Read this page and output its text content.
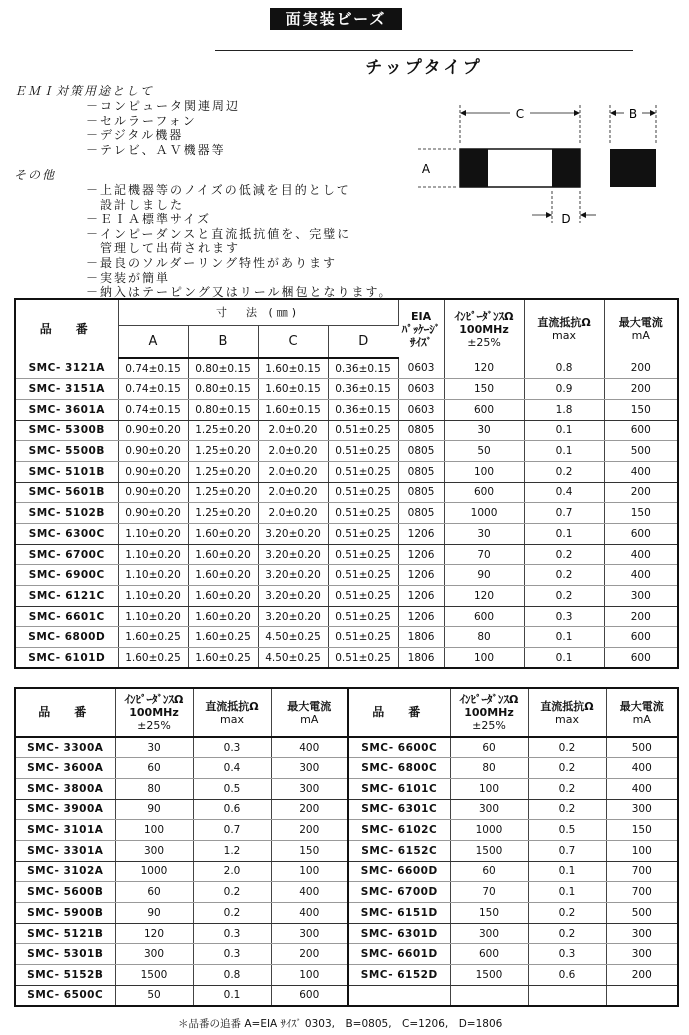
面実装ビーズ
チップタイプ
ＥＭＩ対策用途として
－コンピュータ関連周辺
－セルラーフォン
－デジタル機器
－テレビ、ＡＶ機器等
その他
－上記機器等のノイズの低減を目的として
　設計しました
－ＥＩＡ標準サイズ
－インピーダンスと直流抵抗値を、完璧に
　管理して出荷されます
－最良のソルダーリング特性があります
－実装が簡単
－納入はテーピング又はリール梱包となります。
C	B
A
D
品　番	寸　法 (㎜)				EIA
ﾊﾟｯｹｰｼﾞ
ｻｲｽﾞ	ｲﾝﾋﾟｰﾀﾞﾝｽΩ
100MHz
±25%	直流抵抗Ω
max	最大電流
mA
	A	B	C	D				
SMC- 3121A	0.74±0.15	0.80±0.15	1.60±0.15	0.36±0.15	0603	120	0.8	200
SMC- 3151A	0.74±0.15	0.80±0.15	1.60±0.15	0.36±0.15	0603	150	0.9	200
SMC- 3601A	0.74±0.15	0.80±0.15	1.60±0.15	0.36±0.15	0603	600	1.8	150
SMC- 5300B	0.90±0.20	1.25±0.20	2.0±0.20	0.51±0.25	0805	30	0.1	600
SMC- 5500B	0.90±0.20	1.25±0.20	2.0±0.20	0.51±0.25	0805	50	0.1	500
SMC- 5101B	0.90±0.20	1.25±0.20	2.0±0.20	0.51±0.25	0805	100	0.2	400
SMC- 5601B	0.90±0.20	1.25±0.20	2.0±0.20	0.51±0.25	0805	600	0.4	200
SMC- 5102B	0.90±0.20	1.25±0.20	2.0±0.20	0.51±0.25	0805	1000	0.7	150
SMC- 6300C	1.10±0.20	1.60±0.20	3.20±0.20	0.51±0.25	1206	30	0.1	600
SMC- 6700C	1.10±0.20	1.60±0.20	3.20±0.20	0.51±0.25	1206	70	0.2	400
SMC- 6900C	1.10±0.20	1.60±0.20	3.20±0.20	0.51±0.25	1206	90	0.2	400
SMC- 6121C	1.10±0.20	1.60±0.20	3.20±0.20	0.51±0.25	1206	120	0.2	300
SMC- 6601C	1.10±0.20	1.60±0.20	3.20±0.20	0.51±0.25	1206	600	0.3	200
SMC- 6800D	1.60±0.25	1.60±0.25	4.50±0.25	0.51±0.25	1806	80	0.1	600
SMC- 6101D	1.60±0.25	1.60±0.25	4.50±0.25	0.51±0.25	1806	100	0.1	600
品　番	ｲﾝﾋﾟｰﾀﾞﾝｽΩ
100MHz
±25%	直流抵抗Ω
max	最大電流
mA	品　番	ｲﾝﾋﾟｰﾀﾞﾝｽΩ
100MHz
±25%	直流抵抗Ω
max	最大電流
mA
SMC- 3300A	30	0.3	400	SMC- 6600C	60	0.2	500
SMC- 3600A	60	0.4	300	SMC- 6800C	80	0.2	400
SMC- 3800A	80	0.5	300	SMC- 6101C	100	0.2	400
SMC- 3900A	90	0.6	200	SMC- 6301C	300	0.2	300
SMC- 3101A	100	0.7	200	SMC- 6102C	1000	0.5	150
SMC- 3301A	300	1.2	150	SMC- 6152C	1500	0.7	100
SMC- 3102A	1000	2.0	100	SMC- 6600D	60	0.1	700
SMC- 5600B	60	0.2	400	SMC- 6700D	70	0.1	700
SMC- 5900B	90	0.2	400	SMC- 6151D	150	0.2	500
SMC- 5121B	120	0.3	300	SMC- 6301D	300	0.2	300
SMC- 5301B	300	0.3	200	SMC- 6601D	600	0.3	300
SMC- 5152B	1500	0.8	100	SMC- 6152D	1500	0.6	200
SMC- 6500C	50	0.1	600				
＊品番の追番 A=EIA ｻｲｽﾞ 0303,　B=0805,　C=1206,　D=1806
